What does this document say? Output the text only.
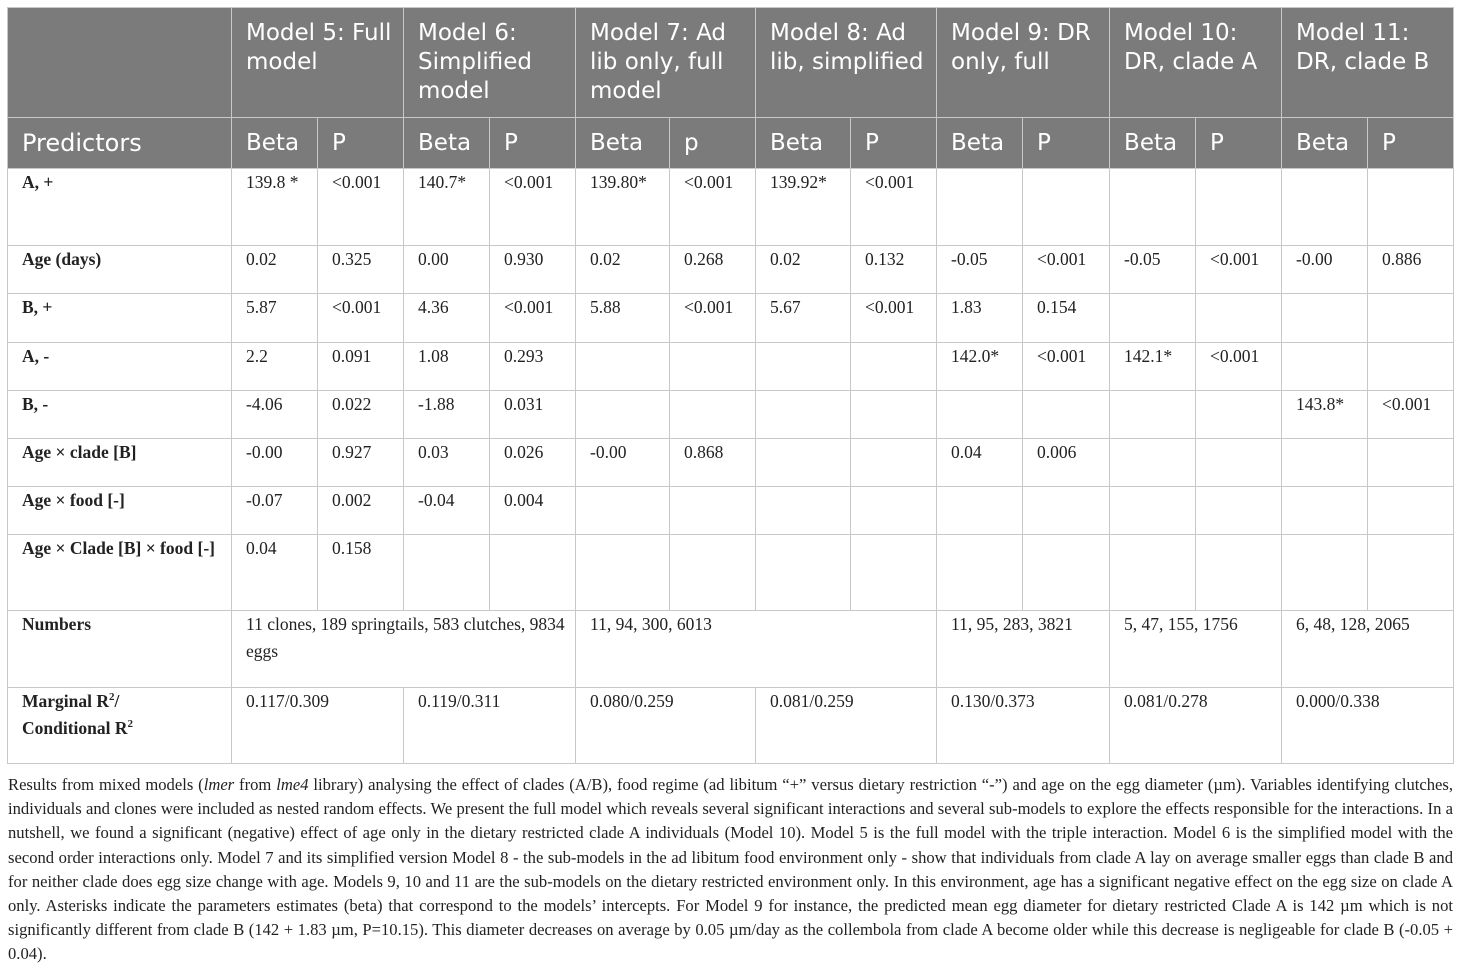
	Model 5: Full model		Model 6: Simplified model		Model 7: Ad lib only, full model		Model 8: Ad lib, simplified		Model 9: DR only, full		Model 10: DR, clade A		Model 11: DR, clade B	
Predictors	Beta	P	Beta	P	Beta	p	Beta	P	Beta	P	Beta	P	Beta	P
A, +	139.8 *	<0.001	140.7*	<0.001	139.80*	<0.001	139.92*	<0.001						
Age (days)	0.02	0.325	0.00	0.930	0.02	0.268	0.02	0.132	-0.05	<0.001	-0.05	<0.001	-0.00	0.886
B, +	5.87	<0.001	4.36	<0.001	5.88	<0.001	5.67	<0.001	1.83	0.154				
A, -	2.2	0.091	1.08	0.293					142.0*	<0.001	142.1*	<0.001		
B, -	-4.06	0.022	-1.88	0.031									143.8*	<0.001
Age × clade [B]	-0.00	0.927	0.03	0.026	-0.00	0.868			0.04	0.006				
Age × food [-]	-0.07	0.002	-0.04	0.004										
Age × Clade [B] × food [-]	0.04	0.158												
Numbers	11 clones, 189 springtails, 583 clutches, 9834 eggs				11, 94, 300, 6013				11, 95, 283, 3821		5, 47, 155, 1756		6, 48, 128, 2065	
Marginal $R^2/$
Conditional $R^2$	0.117/0.309		0.119/0.311		0.080/0.259		0.081/0.259		0.130/0.373		0.081/0.278		0.000/0.338	

Results from mixed models (lmer from lme4 library) analysing the effect of clades (A/B), food regime (ad libitum “+” versus dietary restriction “-”) and age on the egg diameter (µm). Variables identifying clutches, individuals and clones were included as nested random effects. We present the full model which reveals several significant interactions and several sub-models to explore the effects responsible for the interactions. In a nutshell, we found a significant (negative) effect of age only in the dietary restricted clade A individuals (Model 10). Model 5 is the full model with the triple interaction. Model 6 is the simplified model with the second order interactions only. Model 7 and its simplified version Model 8 - the sub-models in the ad libitum food environment only - show that individuals from clade A lay on average smaller eggs than clade B and for neither clade does egg size change with age. Models 9, 10 and 11 are the sub-models on the dietary restricted environment only. In this environment, age has a significant negative effect on the egg size on clade A only. Asterisks indicate the parameters estimates (beta) that correspond to the models’ intercepts. For Model 9 for instance, the predicted mean egg diameter for dietary restricted Clade A is 142 µm which is not significantly different from clade B (142 + 1.83 µm, P=10.15). This diameter decreases on average by 0.05 µm/day as the collembola from clade A become older while this decrease is negligeable for clade B (-0.05 + 0.04).
